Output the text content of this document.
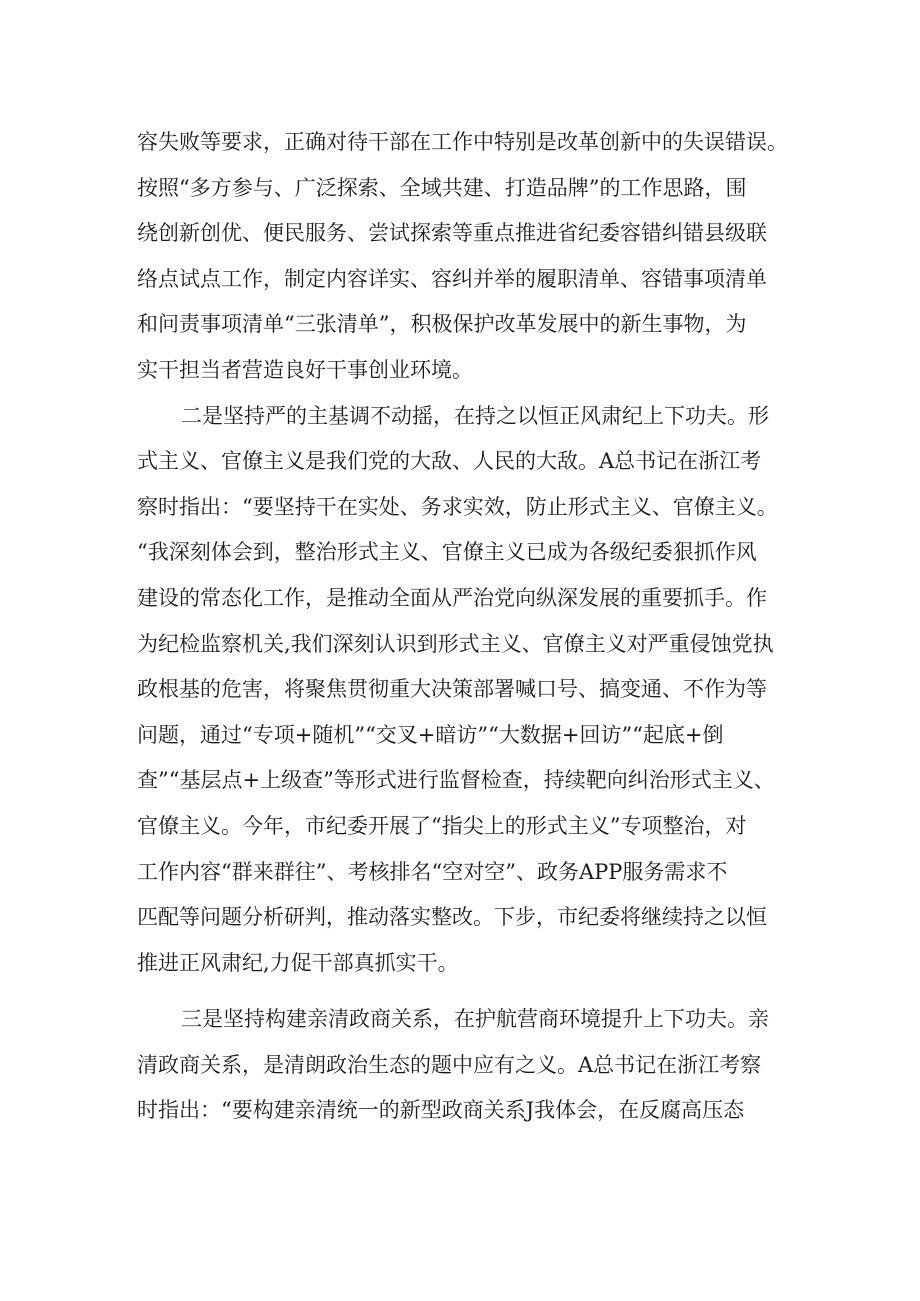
容失败等要求，正确对待干部在工作中特别是改革创新中的失误错误。
按照“多方参与、广泛探索、全域共建、打造品牌”的工作思路，围
绕创新创优、便民服务、尝试探索等重点推进省纪委容错纠错县级联
络点试点工作，制定内容详实、容纠并举的履职清单、容错事项清单
和问责事项清单“三张清单”，积极保护改革发展中的新生事物，为
实干担当者营造良好干事创业环境。
二是坚持严的主基调不动摇，在持之以恒正风肃纪上下功夫。形
式主义、官僚主义是我们党的大敌、人民的大敌。A总书记在浙江考
察时指出：“要坚持干在实处、务求实效，防止形式主义、官僚主义。
“我深刻体会到，整治形式主义、官僚主义已成为各级纪委狠抓作风
建设的常态化工作，是推动全面从严治党向纵深发展的重要抓手。作
为纪检监察机关,我们深刻认识到形式主义、官僚主义对严重侵蚀党执
政根基的危害，将聚焦贯彻重大决策部署喊口号、搞变通、不作为等
问题，通过“专项+随机”“交叉+暗访”“大数据+回访”“起底+倒
查”“基层点+上级查”等形式进行监督检查，持续靶向纠治形式主义、
官僚主义。今年，市纪委开展了“指尖上的形式主义”专项整治，对
工作内容“群来群往”、考核排名“空对空”、政务APP服务需求不
匹配等问题分析研判，推动落实整改。下步，市纪委将继续持之以恒
推进正风肃纪,力促干部真抓实干。
三是坚持构建亲清政商关系，在护航营商环境提升上下功夫。亲
清政商关系，是清朗政治生态的题中应有之义。A总书记在浙江考察
时指出：“要构建亲清统一的新型政商关系J我体会，在反腐高压态
